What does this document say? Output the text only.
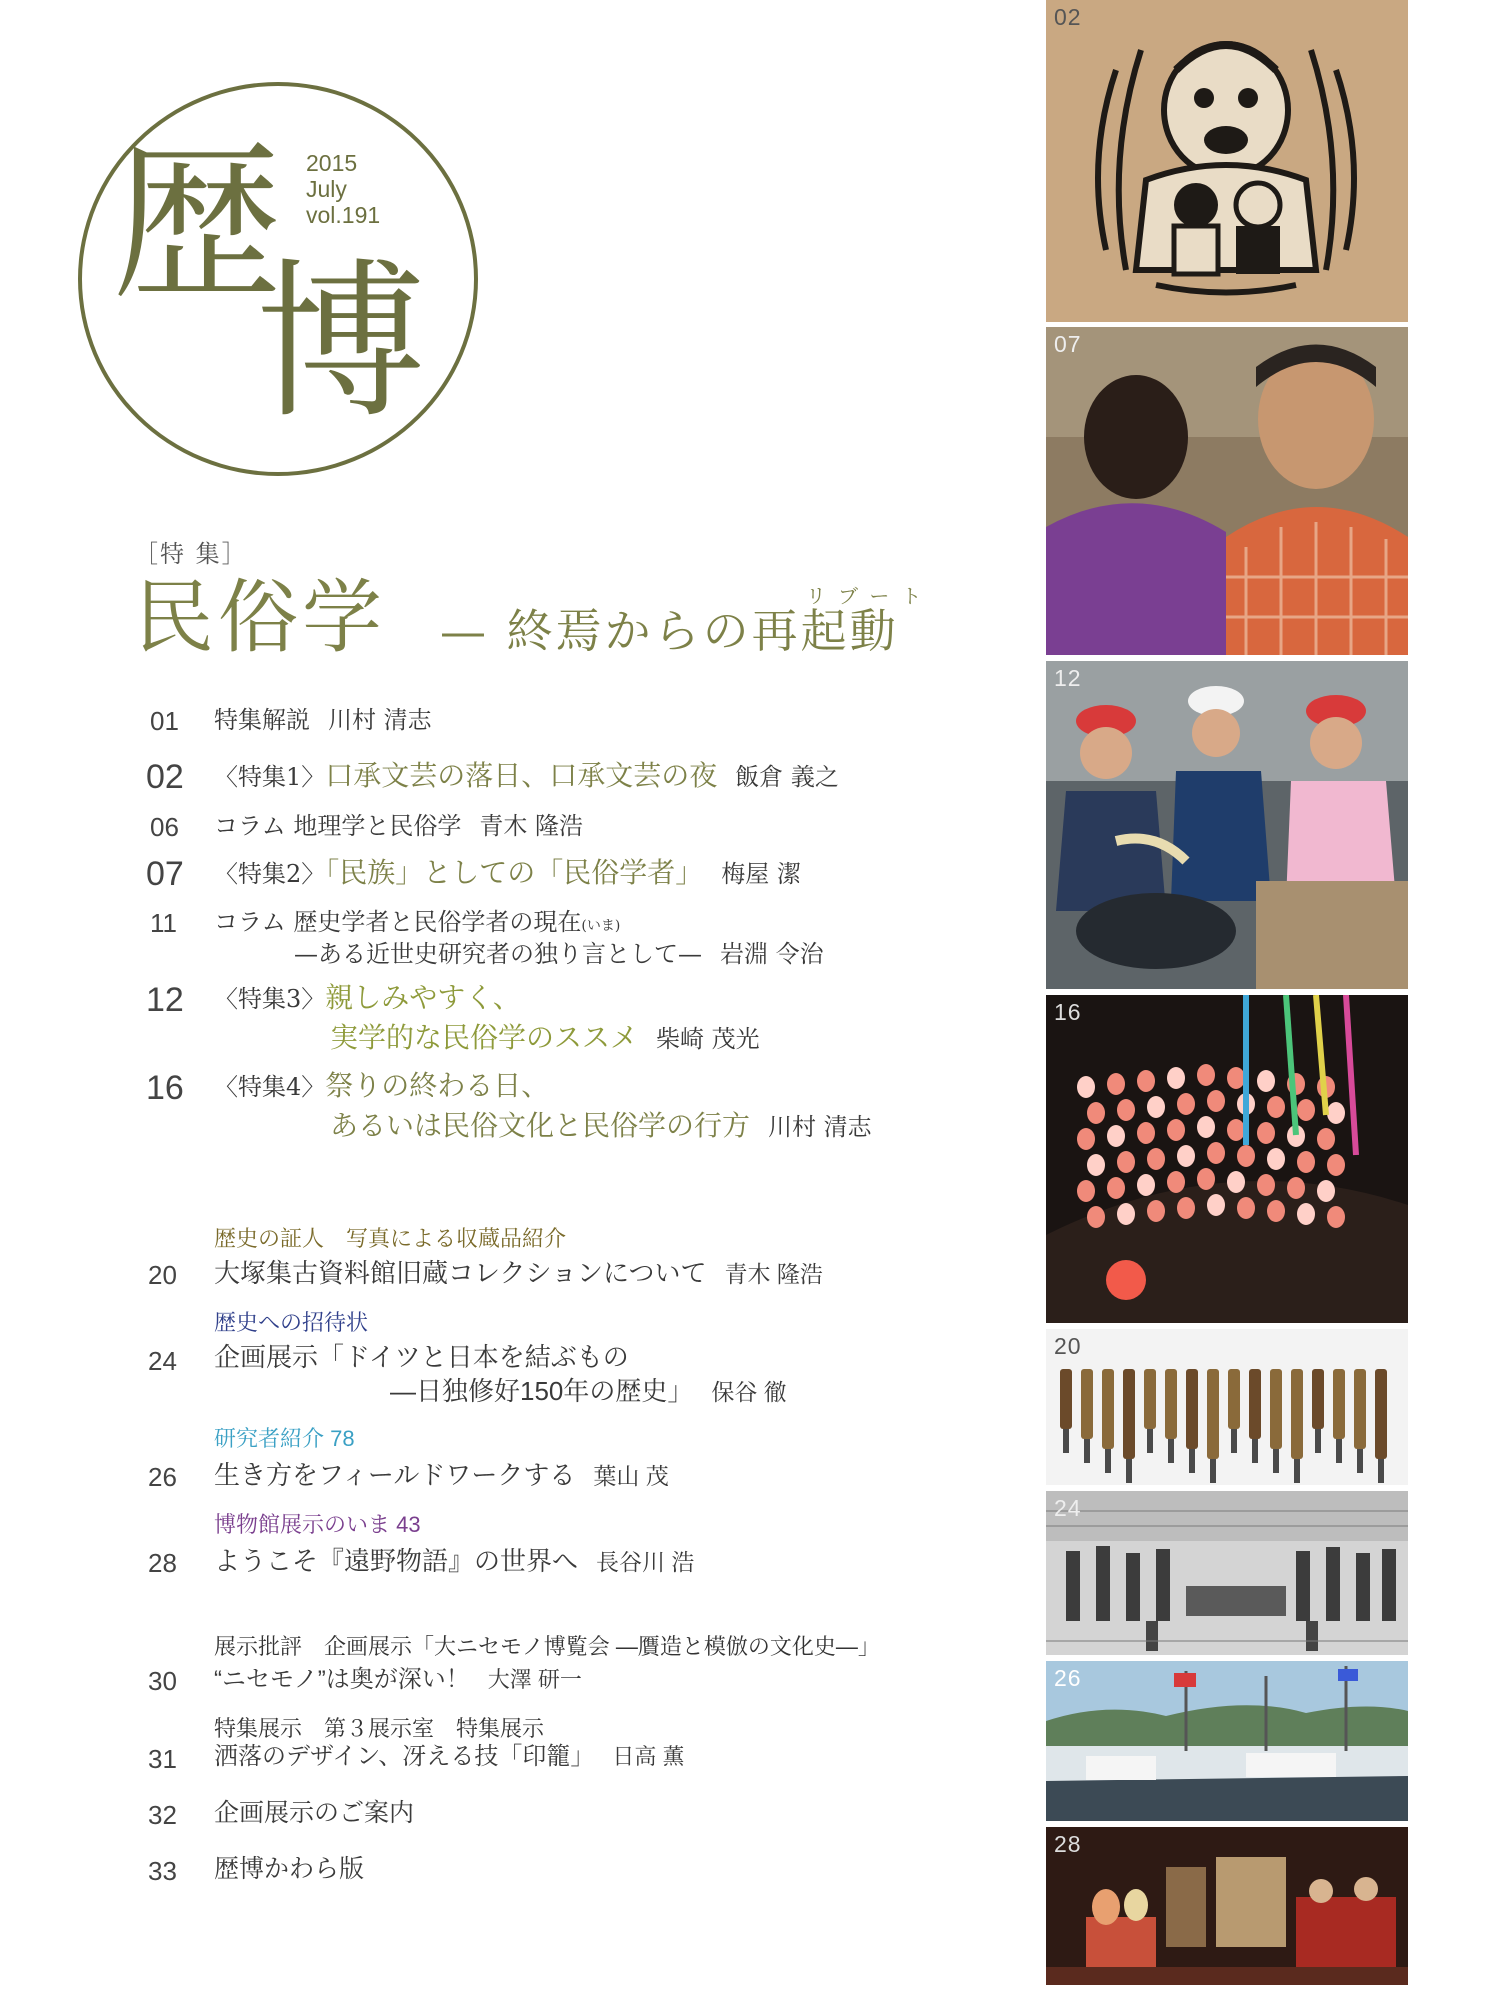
歴
博
2015
July
vol.191
［特 集］
民俗学	リブート
— 終焉からの再起動
01 特集解説 川村 清志
02 〈特集1〉口承文芸の落日、口承文芸の夜 飯倉 義之
06 コラム 地理学と民俗学 青木 隆浩
07 〈特集2〉「民族」としての「民俗学者」 梅屋 潔
11 コラム 歴史学者と民俗学者の現在(いま)
—ある近世史研究者の独り言として— 岩淵 令治
12 〈特集3〉親しみやすく、
実学的な民俗学のススメ 柴崎 茂光
16 〈特集4〉祭りの終わる日、
あるいは民俗文化と民俗学の行方 川村 清志
歴史の証人　写真による収蔵品紹介
20 大塚集古資料館旧蔵コレクションについて 青木 隆浩
歴史への招待状
24 企画展示「ドイツと日本を結ぶもの
—日独修好150年の歴史」 保谷 徹
研究者紹介 78
26 生き方をフィールドワークする 葉山 茂
博物館展示のいま 43
28 ようこそ『遠野物語』の世界へ 長谷川 浩
展示批評　企画展示「大ニセモノ博覧会 —贋造と模倣の文化史—」
30 “ニセモノ”は奥が深い！ 大澤 研一
特集展示　第３展示室　特集展示
31 洒落のデザイン、冴える技「印籠」 日高 薫
32 企画展示のご案内
33 歴博かわら版
02
07
12
16
20
24
26
28
